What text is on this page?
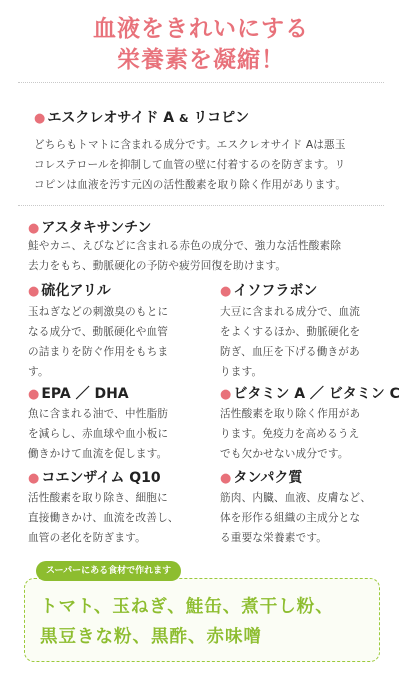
血液をきれいにする
栄養素を凝縮！
● エスクレオサイド A & リコピン
どちらもトマトに含まれる成分です。エスクレオサイド Aは悪玉
コレステロールを抑制して血管の壁に付着するのを防ぎます。リ
コピンは血液を汚す元凶の活性酸素を取り除く作用があります。
● アスタキサンチン
鮭やカニ、えびなどに含まれる赤色の成分で、強力な活性酸素除
去力をもち、動脈硬化の予防や疲労回復を助けます。
● 硫化アリル
玉ねぎなどの刺激臭のもとに
なる成分で、動脈硬化や血管
の詰まりを防ぐ作用をもちま
す。
● イソフラボン
大豆に含まれる成分で、血流
をよくするほか、動脈硬化を
防ぎ、血圧を下げる働きがあ
ります。
● EPA ／ DHA
魚に含まれる油で、中性脂肪
を減らし、赤血球や血小板に
働きかけて血流を促します。
● ビタミン A ／ ビタミン C
活性酸素を取り除く作用があ
ります。免疫力を高めるうえ
でも欠かせない成分です。
● コエンザイム Q10
活性酸素を取り除き、細胞に
直接働きかけ、血流を改善し、
血管の老化を防ぎます。
● タンパク質
筋肉、内臓、血液、皮膚など、
体を形作る組織の主成分とな
る重要な栄養素です。
スーパーにある食材で作れます
トマト、玉ねぎ、鮭缶、煮干し粉、
黒豆きな粉、黒酢、赤味噌
